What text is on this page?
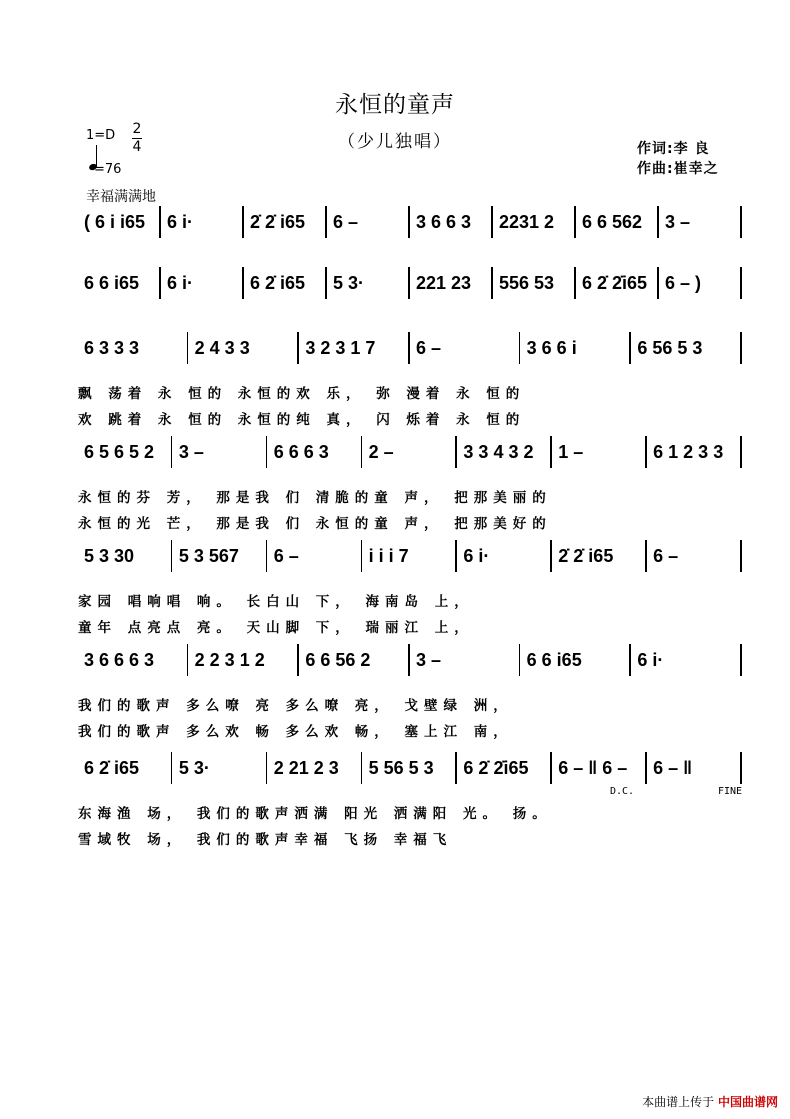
永恒的童声
（少儿独唱）
1=D 2
4
=76
幸福满满地
作词:李 良
作曲:崔幸之
( 6 i i65 6 i·	2̇ 2̇ i65 6 –	3 6 6 3 2231 2 6 6 562 3 –
6 6 i65 6 i·	6 2̇ i65 5 3·	221 23 556 53 6 2̇ 2̇i65 6 – )
6 3 3 3	2 4 3 3	3 2 3 1 7 6 –	3 6 6 i	6 56 5 3
飘 荡着 永 恒的 永恒的欢 乐， 弥 漫着 永 恒的
欢 跳着 永 恒的 永恒的纯 真， 闪 烁着 永 恒的
6 5 6 5 2 3 –	6 6 6 3 2 –	3 3 4 3 2 1 –	6 1 2 3 3
永恒的芬 芳， 那是我 们 清脆的童 声， 把那美丽的
永恒的光 芒， 那是我 们 永恒的童 声， 把那美好的
5 3 30 5 3 567 6 –	i i i 7	6 i·	2̇ 2̇ i65 6 –
家园 唱响唱 响。 长白山 下， 海南岛 上，
童年 点亮点 亮。 天山脚 下， 瑞丽江 上，
3 6 6 6 3 2 2 3 1 2 6 6 56 2	3 –	6 6 i65	6 i·
我们的歌声 多么嘹 亮 多么嘹 亮， 戈壁绿 洲，
我们的歌声 多么欢 畅 多么欢 畅， 塞上江 南，
6 2̇ i65 5 3·	2 21 2 3 5 56 5 3 6 2̇ 2̇i65 6 – ‖ 6 – 6 – ‖
东海渔 场， 我们的歌声洒满 阳光 洒满阳 光。 扬。
雪域牧 场， 我们的歌声幸福 飞扬 幸福飞
D.C.	FINE
本曲谱上传于 中国曲谱网
